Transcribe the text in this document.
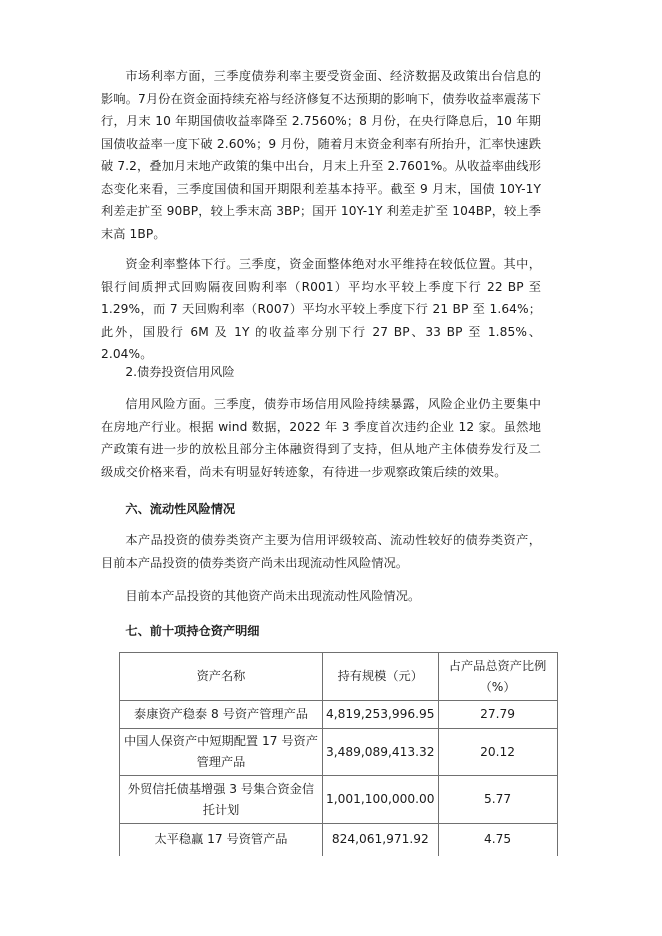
市场利率方面，三季度债券利率主要受资金面、经济数据及政策出台信息的影响。7月份在资金面持续充裕与经济修复不达预期的影响下，债券收益率震荡下行，月末 10 年期国债收益率降至 2.7560%；8 月份，在央行降息后，10 年期国债收益率一度下破 2.60%；9 月份，随着月末资金利率有所抬升，汇率快速跌破 7.2，叠加月末地产政策的集中出台，月末上升至 2.7601%。从收益率曲线形态变化来看，三季度国债和国开期限利差基本持平。截至 9 月末，国债 10Y-1Y 利差走扩至 90BP，较上季末高 3BP；国开 10Y-1Y 利差走扩至 104BP，较上季末高 1BP。

资金利率整体下行。三季度，资金面整体绝对水平维持在较低位置。其中，银行间质押式回购隔夜回购利率（R001）平均水平较上季度下行 22 BP 至 1.29%，而 7 天回购利率（R007）平均水平较上季度下行 21 BP 至 1.64%；此外，国股行 6M 及 1Y 的收益率分别下行 27 BP、33 BP 至 1.85%、2.04%。

2.债券投资信用风险

信用风险方面。三季度，债券市场信用风险持续暴露，风险企业仍主要集中在房地产行业。根据 wind 数据，2022 年 3 季度首次违约企业 12 家。虽然地产政策有进一步的放松且部分主体融资得到了支持，但从地产主体债券发行及二级成交价格来看，尚未有明显好转迹象，有待进一步观察政策后续的效果。

六、流动性风险情况

本产品投资的债券类资产主要为信用评级较高、流动性较好的债券类资产，目前本产品投资的债券类资产尚未出现流动性风险情况。

目前本产品投资的其他资产尚未出现流动性风险情况。

七、前十项持仓资产明细

资产名称	持有规模（元）	占产品总资产比例（%）
泰康资产稳泰 8 号资产管理产品	4,819,253,996.95	27.79
中国人保资产中短期配置 17 号资产管理产品	3,489,089,413.32	20.12
外贸信托债基增强 3 号集合资金信托计划	1,001,100,000.00	5.77
太平稳赢 17 号资管产品	824,061,971.92	4.75
